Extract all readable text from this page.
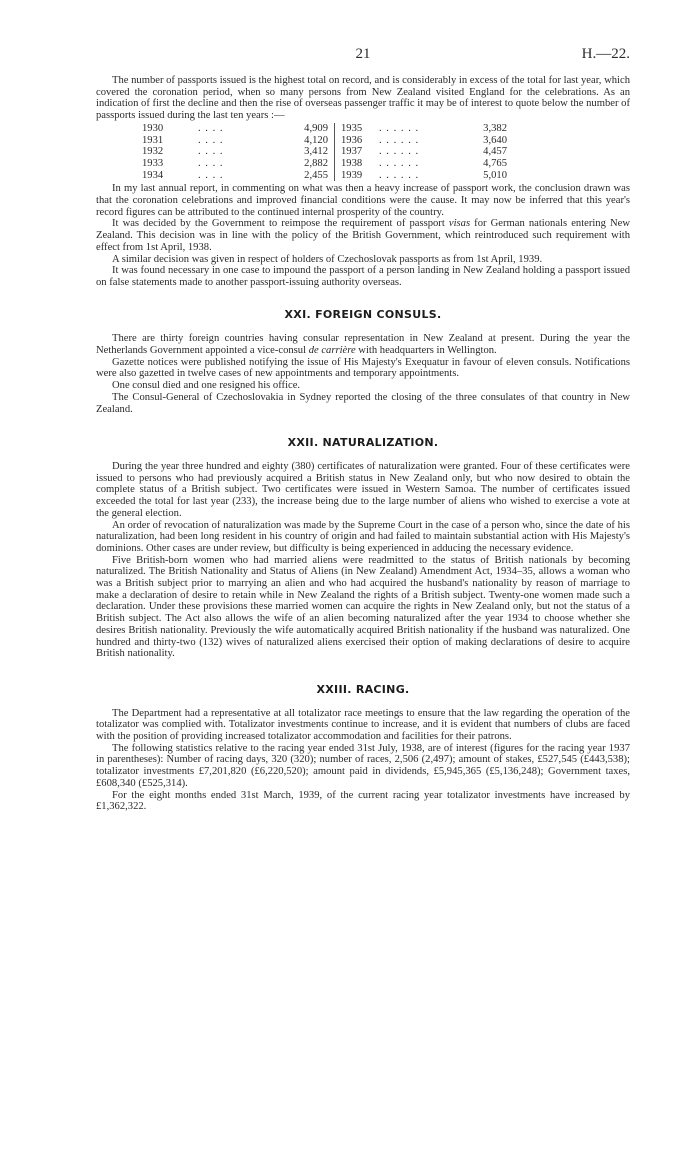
21	H.—22.

The number of passports issued is the highest total on record, and is considerably in excess of the total for last year, which covered the coronation period, when so many persons from New Zealand visited England for the celebrations. As an indication of first the decline and then the rise of overseas passenger traffic it may be of interest to quote below the number of passports issued during the last ten years :—

1930	. . . .	4,909	1935	. . . . . .	3,382
1931	. . . .	4,120	1936	. . . . . .	3,640
1932	. . . .	3,412	1937	. . . . . .	4,457
1933	. . . .	2,882	1938	. . . . . .	4,765
1934	. . . .	2,455	1939	. . . . . .	5,010

In my last annual report, in commenting on what was then a heavy increase of passport work, the conclusion drawn was that the coronation celebrations and improved financial conditions were the cause. It may now be inferred that this year's record figures can be attributed to the continued internal prosperity of the country.

It was decided by the Government to reimpose the requirement of passport visas for German nationals entering New Zealand. This decision was in line with the policy of the British Government, which reintroduced such requirement with effect from 1st April, 1938.

A similar decision was given in respect of holders of Czechoslovak passports as from 1st April, 1939.

It was found necessary in one case to impound the passport of a person landing in New Zealand holding a passport issued on false statements made to another passport-issuing authority overseas.

XXI. FOREIGN CONSULS.

There are thirty foreign countries having consular representation in New Zealand at present. During the year the Netherlands Government appointed a vice-consul de carrière with headquarters in Wellington.

Gazette notices were published notifying the issue of His Majesty's Exequatur in favour of eleven consuls. Notifications were also gazetted in twelve cases of new appointments and temporary appointments.

One consul died and one resigned his office.

The Consul-General of Czechoslovakia in Sydney reported the closing of the three consulates of that country in New Zealand.

XXII. NATURALIZATION.

During the year three hundred and eighty (380) certificates of naturalization were granted. Four of these certificates were issued to persons who had previously acquired a British status in New Zealand only, but who now desired to obtain the complete status of a British subject. Two certificates were issued in Western Samoa. The number of certificates issued exceeded the total for last year (233), the increase being due to the large number of aliens who wished to exercise a vote at the general election.

An order of revocation of naturalization was made by the Supreme Court in the case of a person who, since the date of his naturalization, had been long resident in his country of origin and had failed to maintain substantial action with His Majesty's dominions. Other cases are under review, but difficulty is being experienced in adducing the necessary evidence.

Five British-born women who had married aliens were readmitted to the status of British nationals by becoming naturalized. The British Nationality and Status of Aliens (in New Zealand) Amendment Act, 1934–35, allows a woman who was a British subject prior to marrying an alien and who had acquired the husband's nationality by reason of marriage to make a declaration of desire to retain while in New Zealand the rights of a British subject. Twenty-one women made such a declaration. Under these provisions these married women can acquire the rights in New Zealand only, but not the status of a British subject. The Act also allows the wife of an alien becoming naturalized after the year 1934 to choose whether she desires British nationality. Previously the wife automatically acquired British nationality if the husband was naturalized. One hundred and thirty-two (132) wives of naturalized aliens exercised their option of making declarations of desire to acquire British nationality.

XXIII. RACING.

The Department had a representative at all totalizator race meetings to ensure that the law regarding the operation of the totalizator was complied with. Totalizator investments continue to increase, and it is evident that numbers of clubs are faced with the position of providing increased totalizator accommodation and facilities for their patrons.

The following statistics relative to the racing year ended 31st July, 1938, are of interest (figures for the racing year 1937 in parentheses): Number of racing days, 320 (320); number of races, 2,506 (2,497); amount of stakes, £527,545 (£443,538); totalizator investments £7,201,820 (£6,220,520); amount paid in dividends, £5,945,365 (£5,136,248); Government taxes, £608,340 (£525,314).

For the eight months ended 31st March, 1939, of the current racing year totalizator investments have increased by £1,362,322.
